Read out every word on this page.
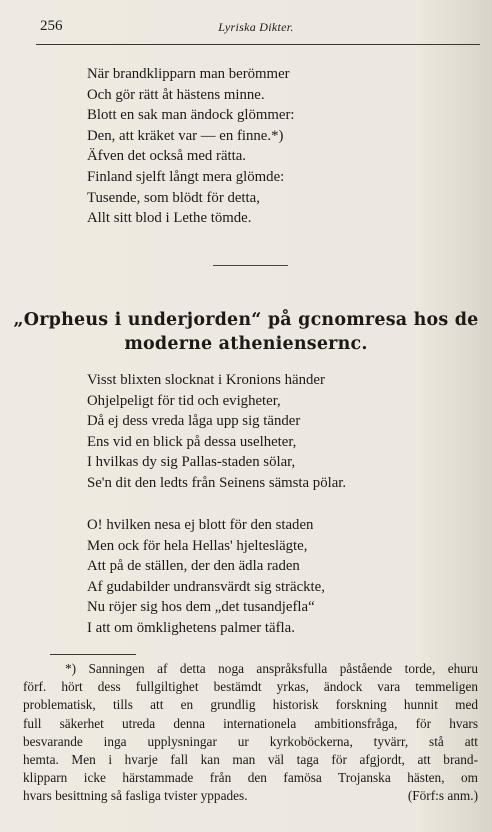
256	Lyriska Dikter.
När brandklipparn man berömmer
Och gör rätt åt hästens minne.
Blott en sak man ändock glömmer:
Den, att kräket var — en finne.*)
Äfven det också med rätta.
Finland sjelft långt mera glömde:
Tusende, som blödt för detta,
Allt sitt blod i Lethe tömde.
„Orpheus i underjorden“ på gcnomresa hos de
moderne atheniensernc.
Visst blixten slocknat i Kronions händer
Ohjelpeligt för tid och evigheter,
Då ej dess vreda låga upp sig tänder
Ens vid en blick på dessa uselheter,
I hvilkas dy sig Pallas-staden sölar,
Se'n dit den ledts från Seinens sämsta pölar.
O! hvilken nesa ej blott för den staden
Men ock för hela Hellas' hjelteslägte,
Att på de ställen, der den ädla raden
Af gudabilder undransvärdt sig sträckte,
Nu röjer sig hos dem „det tusandjefla“
I att om ömklighetens palmer täfla.
*) Sanningen af detta noga anspråksfulla påstående torde, ehuru
förf. hört dess fullgiltighet bestämdt yrkas, ändock vara temmeligen
problematisk, tills att en grundlig historisk forskning hunnit med
full säkerhet utreda denna internationela ambitionsfråga, för hvars
besvarande inga upplysningar ur kyrkoböckerna, tyvärr, stå att
hemta. Men i hvarje fall kan man väl taga för afgjordt, att brand-
klipparn icke härstammade från den famösa Trojanska hästen, om
hvars besittning så fasliga tvister yppades.	(Förf:s anm.)
